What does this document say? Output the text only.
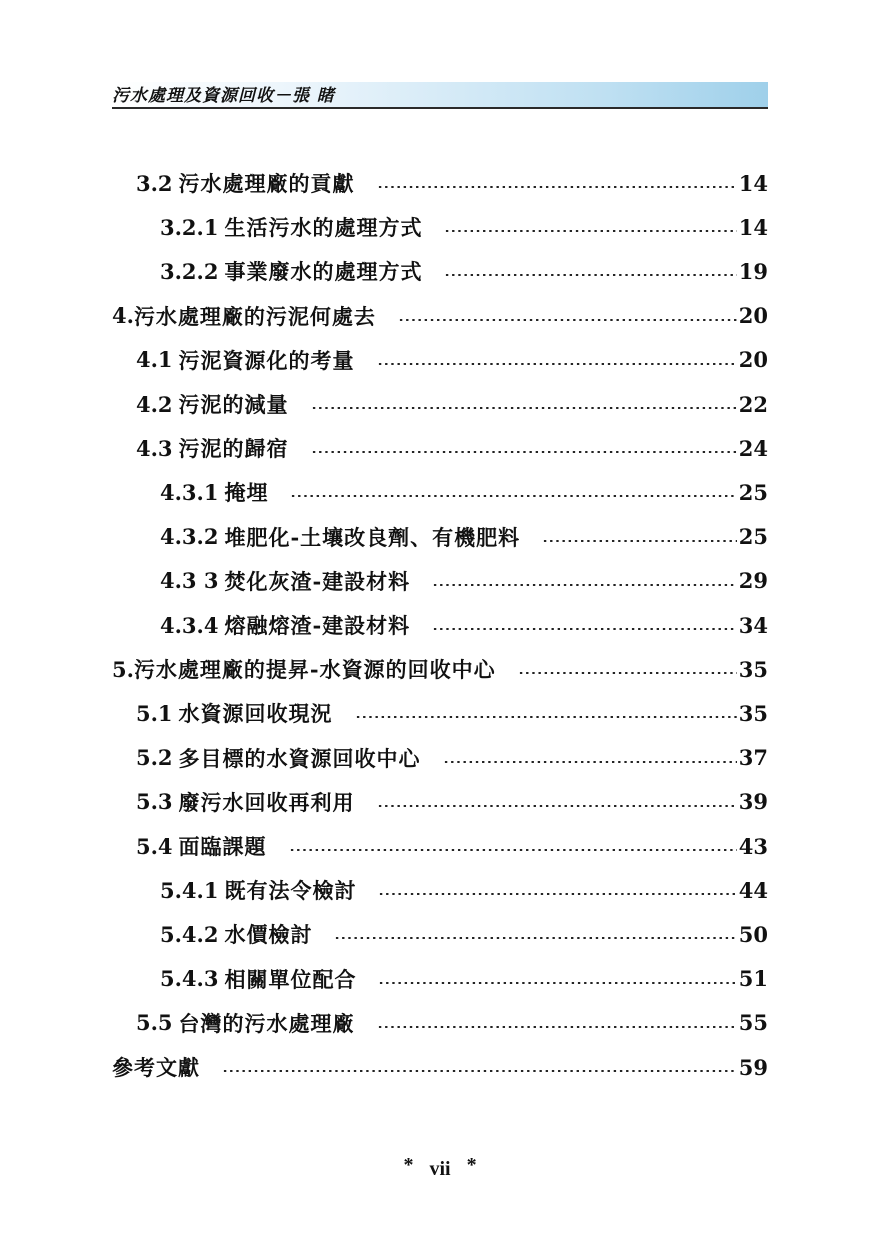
污水處理及資源回收－張 睹
3.2 污水處理廠的貢獻	14
3.2.1 生活污水的處理方式	14
3.2.2 事業廢水的處理方式	19
4. 污水處理廠的污泥何處去	20
4.1 污泥資源化的考量	20
4.2 污泥的減量	22
4.3 污泥的歸宿	24
4.3.1 掩埋	25
4.3.2 堆肥化-土壤改良劑、有機肥料	25
4.3 3 焚化灰渣-建設材料	29
4.3.4 熔融熔渣-建設材料	34
5. 污水處理廠的提昇-水資源的回收中心	35
5.1 水資源回收現況	35
5.2 多目標的水資源回收中心	37
5.3 廢污水回收再利用	39
5.4 面臨課題	43
5.4.1 既有法令檢討	44
5.4.2 水價檢討	50
5.4.3 相關單位配合	51
5.5 台灣的污水處理廠	55
參考文獻	59
* vii *
